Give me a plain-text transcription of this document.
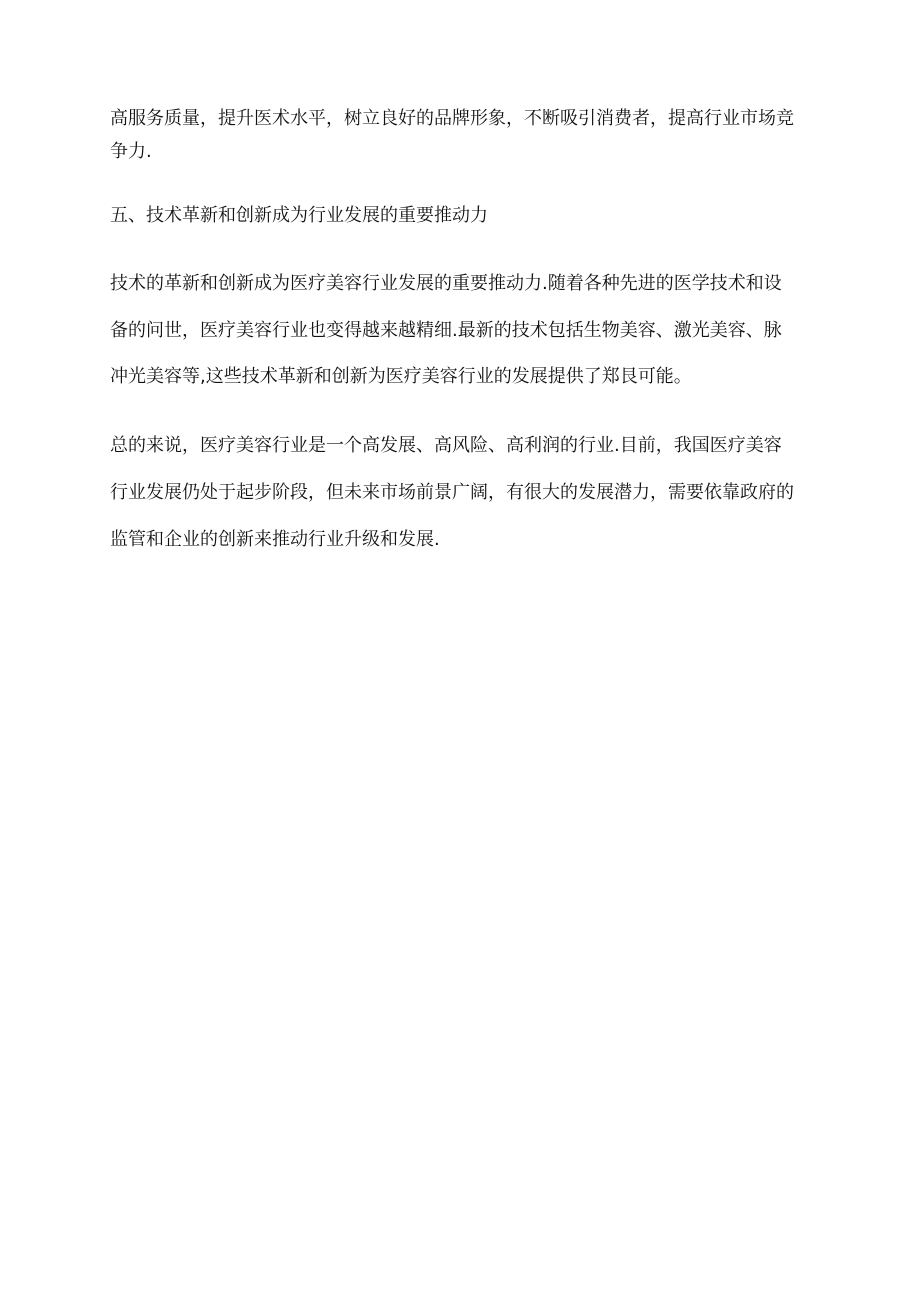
高服务质量，提升医术水平，树立良好的品牌形象，不断吸引消费者，提高行业市场竞

争力.

五、技术革新和创新成为行业发展的重要推动力

技术的革新和创新成为医疗美容行业发展的重要推动力.随着各种先进的医学技术和设

备的问世，医疗美容行业也变得越来越精细.最新的技术包括生物美容、激光美容、脉

冲光美容等,这些技术革新和创新为医疗美容行业的发展提供了郑艮可能。

总的来说，医疗美容行业是一个高发展、高风险、高利润的行业.目前，我国医疗美容

行业发展仍处于起步阶段，但未来市场前景广阔，有很大的发展潜力，需要依靠政府的

监管和企业的创新来推动行业升级和发展.
